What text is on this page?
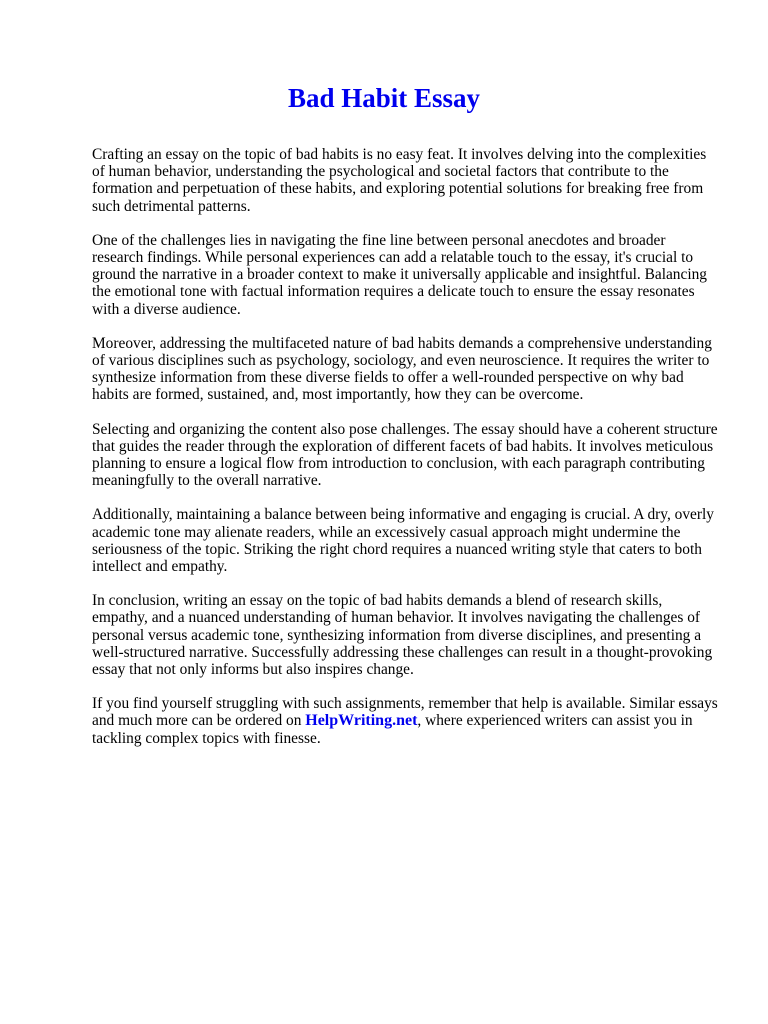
Bad Habit Essay

Crafting an essay on the topic of bad habits is no easy feat. It involves delving into the complexities of human behavior, understanding the psychological and societal factors that contribute to the formation and perpetuation of these habits, and exploring potential solutions for breaking free from such detrimental patterns.

One of the challenges lies in navigating the fine line between personal anecdotes and broader research findings. While personal experiences can add a relatable touch to the essay, it's crucial to ground the narrative in a broader context to make it universally applicable and insightful. Balancing the emotional tone with factual information requires a delicate touch to ensure the essay resonates with a diverse audience.

Moreover, addressing the multifaceted nature of bad habits demands a comprehensive understanding of various disciplines such as psychology, sociology, and even neuroscience. It requires the writer to synthesize information from these diverse fields to offer a well-rounded perspective on why bad habits are formed, sustained, and, most importantly, how they can be overcome.

Selecting and organizing the content also pose challenges. The essay should have a coherent structure that guides the reader through the exploration of different facets of bad habits. It involves meticulous planning to ensure a logical flow from introduction to conclusion, with each paragraph contributing meaningfully to the overall narrative.

Additionally, maintaining a balance between being informative and engaging is crucial. A dry, overly academic tone may alienate readers, while an excessively casual approach might undermine the seriousness of the topic. Striking the right chord requires a nuanced writing style that caters to both intellect and empathy.

In conclusion, writing an essay on the topic of bad habits demands a blend of research skills, empathy, and a nuanced understanding of human behavior. It involves navigating the challenges of personal versus academic tone, synthesizing information from diverse disciplines, and presenting a well-structured narrative. Successfully addressing these challenges can result in a thought-provoking essay that not only informs but also inspires change.

If you find yourself struggling with such assignments, remember that help is available. Similar essays and much more can be ordered on HelpWriting.net, where experienced writers can assist you in tackling complex topics with finesse.
